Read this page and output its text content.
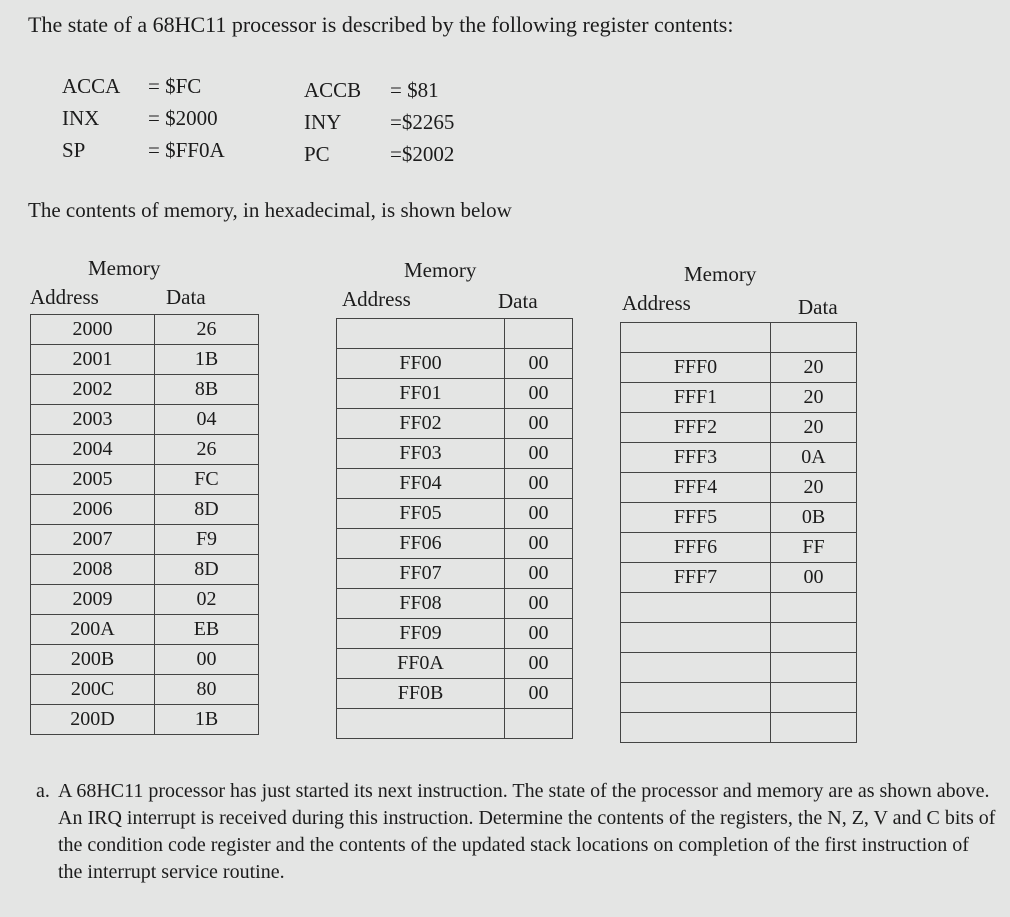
The state of a 68HC11 processor is described by the following register contents:
ACCA = $FC
INX = $2000
SP	= $FF0A
ACCB = $81
INY =$2265
PC	=$2002
The contents of memory, in hexadecimal, is shown below
Memory
Address	Data
Memory
Address	Data
Memory
Address	Data
2000	26
2001	1B
2002	8B
2003	04
2004	26
2005	FC
2006	8D
2007	F9
2008	8D
2009	02
200A	EB
200B	00
200C	80
200D	1B

FF00	00
FF01	00
FF02	00
FF03	00
FF04	00
FF05	00
FF06	00
FF07	00
FF08	00
FF09	00
FF0A	00
FF0B	00

FFF0	20
FFF1	20
FFF2	20
FFF3	0A
FFF4	20
FFF5	0B
FFF6	FF
FFF7	00

a. A 68HC11 processor has just started its next instruction. The state of the processor and memory are as shown above. An IRQ interrupt is received during this instruction. Determine the contents of the registers, the N, Z, V and C bits of the condition code register and the contents of the updated stack locations on completion of the first instruction of the interrupt service routine.
